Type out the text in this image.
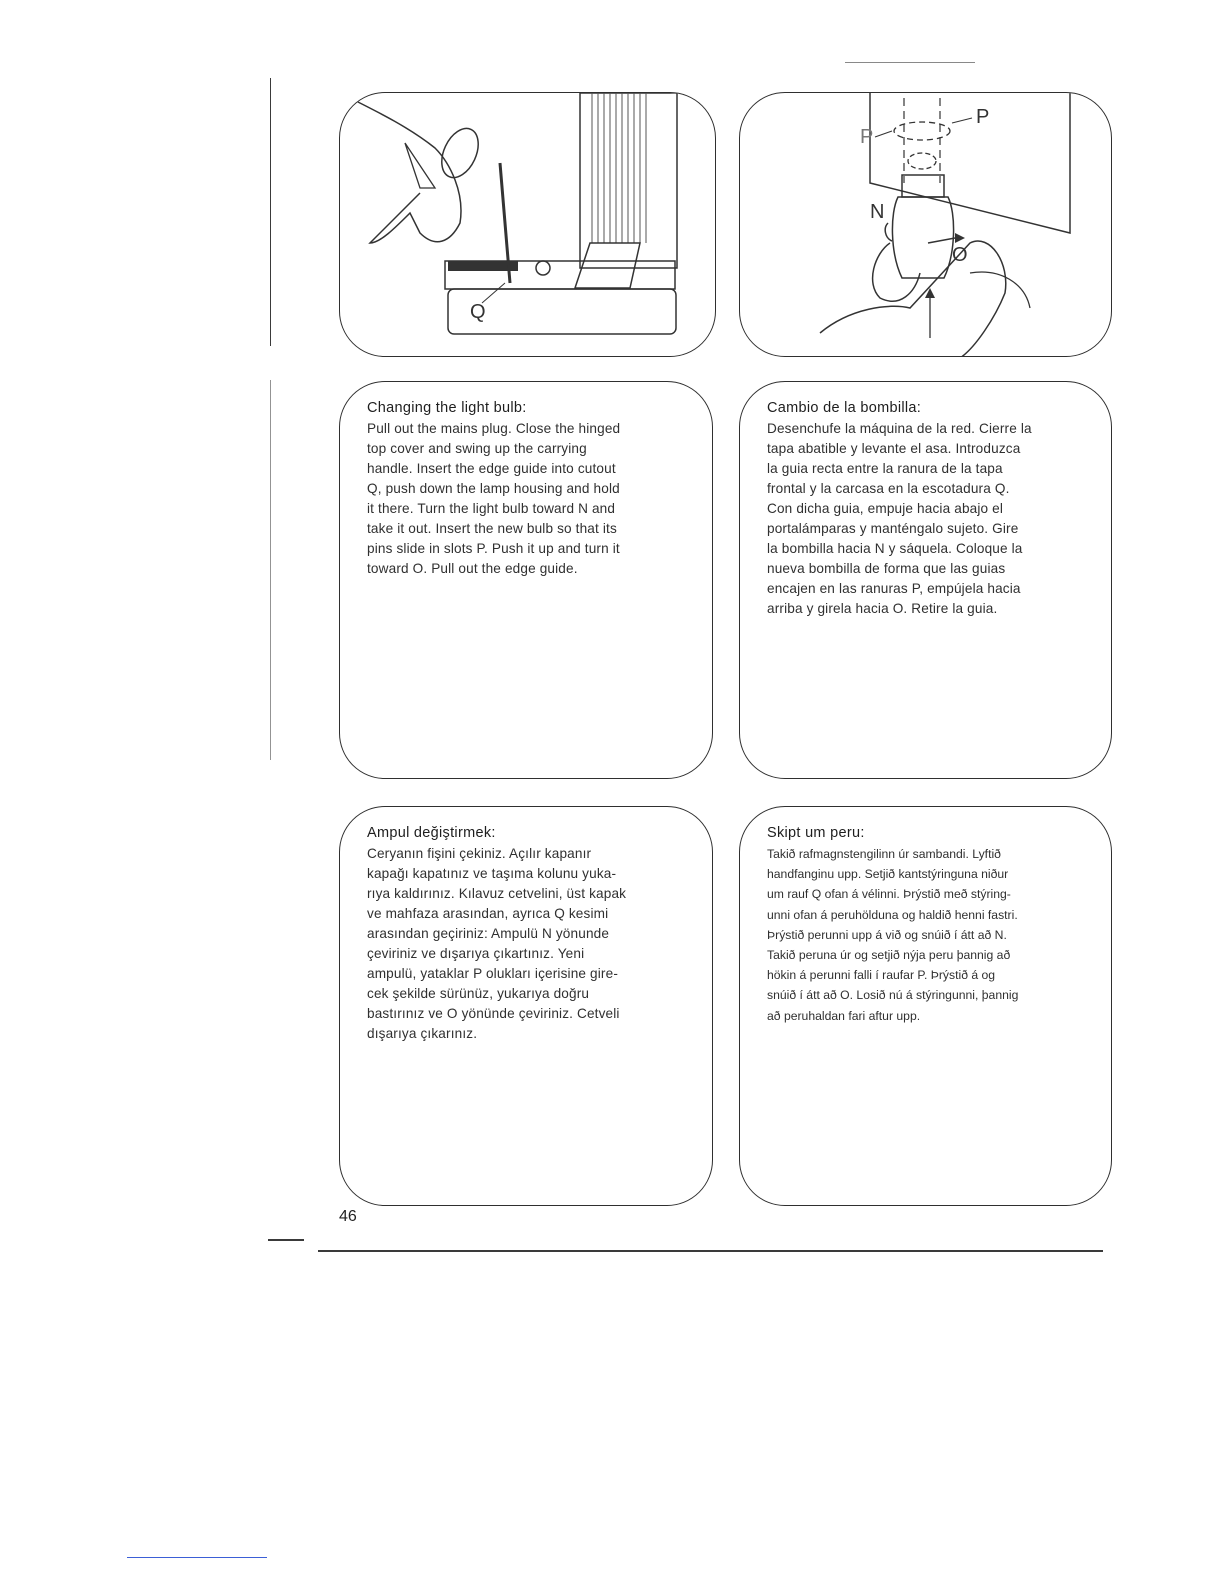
Q
P
P
N
O

Changing the light bulb:

Pull out the mains plug. Close the hinged
top cover and swing up the carrying
handle. Insert the edge guide into cutout
Q, push down the lamp housing and hold
it there. Turn the light bulb toward N and
take it out. Insert the new bulb so that its
pins slide in slots P. Push it up and turn it
toward O. Pull out the edge guide.

Cambio de la bombilla:

Desenchufe la máquina de la red. Cierre la
tapa abatible y levante el asa. Introduzca
la guia recta entre la ranura de la tapa
frontal y la carcasa en la escotadura Q.
Con dicha guia, empuje hacia abajo el
portalámparas y manténgalo sujeto. Gire
la bombilla hacia N y sáquela. Coloque la
nueva bombilla de forma que las guias
encajen en las ranuras P, empújela hacia
arriba y girela hacia O. Retire la guia.

Ampul değiştirmek:

Ceryanın fişini çekiniz. Açılır kapanır
kapağı kapatınız ve taşıma kolunu yuka-
rıya kaldırınız. Kılavuz cetvelini, üst kapak
ve mahfaza arasından, ayrıca Q kesimi
arasından geçiriniz: Ampulü N yönunde
çeviriniz ve dışarıya çıkartınız. Yeni
ampulü, yataklar P olukları içerisine gire-
cek şekilde sürünüz, yukarıya doğru
bastırınız ve O yönünde çeviriniz. Cetveli
dışarıya çıkarınız.

Skipt um peru:

Takið rafmagnstengilinn úr sambandi. Lyftið
handfanginu upp. Setjið kantstýringuna niður
um rauf Q ofan á vélinni. Þrýstið með stýring-
unni ofan á peruhölduna og haldið henni fastri.
Þrýstið perunni upp á við og snúið í átt að N.
Takið peruna úr og setjið nýja peru þannig að
hökin á perunni falli í raufar P. Þrýstið á og
snúið í átt að O. Losið nú á stýringunni, þannig
að peruhaldan fari aftur upp.

46
